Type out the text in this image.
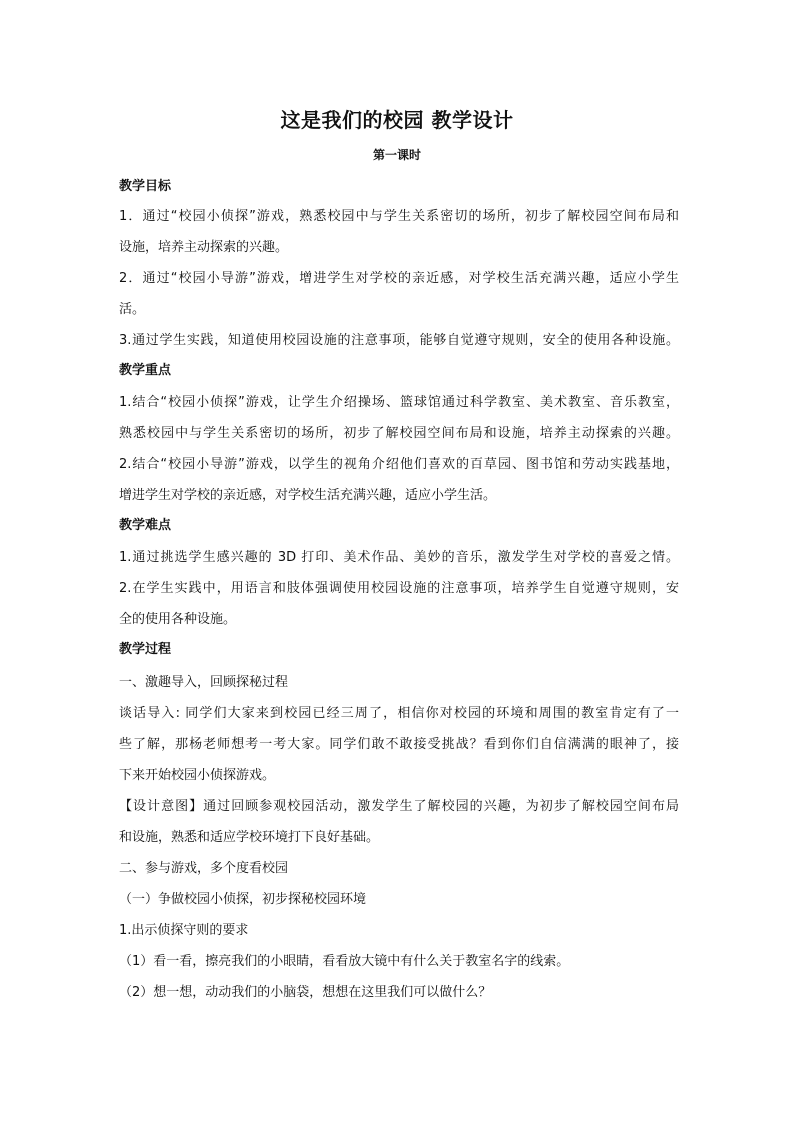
这是我们的校园 教学设计
第一课时
教学目标
1．通过“校园小侦探”游戏，熟悉校园中与学生关系密切的场所，初步了解校园空间布局和
设施，培养主动探索的兴趣。
2．通过“校园小导游”游戏，增进学生对学校的亲近感，对学校生活充满兴趣，适应小学生
活。
3.通过学生实践，知道使用校园设施的注意事项，能够自觉遵守规则，安全的使用各种设施。
教学重点
1.结合“校园小侦探”游戏，让学生介绍操场、篮球馆通过科学教室、美术教室、音乐教室，
熟悉校园中与学生关系密切的场所，初步了解校园空间布局和设施，培养主动探索的兴趣。
2.结合“校园小导游”游戏，以学生的视角介绍他们喜欢的百草园、图书馆和劳动实践基地，
增进学生对学校的亲近感，对学校生活充满兴趣，适应小学生活。
教学难点
1.通过挑选学生感兴趣的 3D 打印、美术作品、美妙的音乐，激发学生对学校的喜爱之情。
2.在学生实践中，用语言和肢体强调使用校园设施的注意事项，培养学生自觉遵守规则，安
全的使用各种设施。
教学过程
一、激趣导入，回顾探秘过程
谈话导入: 同学们大家来到校园已经三周了，相信你对校园的环境和周围的教室肯定有了一
些了解，那杨老师想考一考大家。同学们敢不敢接受挑战？看到你们自信满满的眼神了，接
下来开始校园小侦探游戏。
【设计意图】通过回顾参观校园活动，激发学生了解校园的兴趣，为初步了解校园空间布局
和设施，熟悉和适应学校环境打下良好基础。
二、参与游戏，多个度看校园
（一）争做校园小侦探，初步探秘校园环境
1.出示侦探守则的要求
（1）看一看，擦亮我们的小眼睛，看看放大镜中有什么关于教室名字的线索。
（2）想一想，动动我们的小脑袋，想想在这里我们可以做什么？
